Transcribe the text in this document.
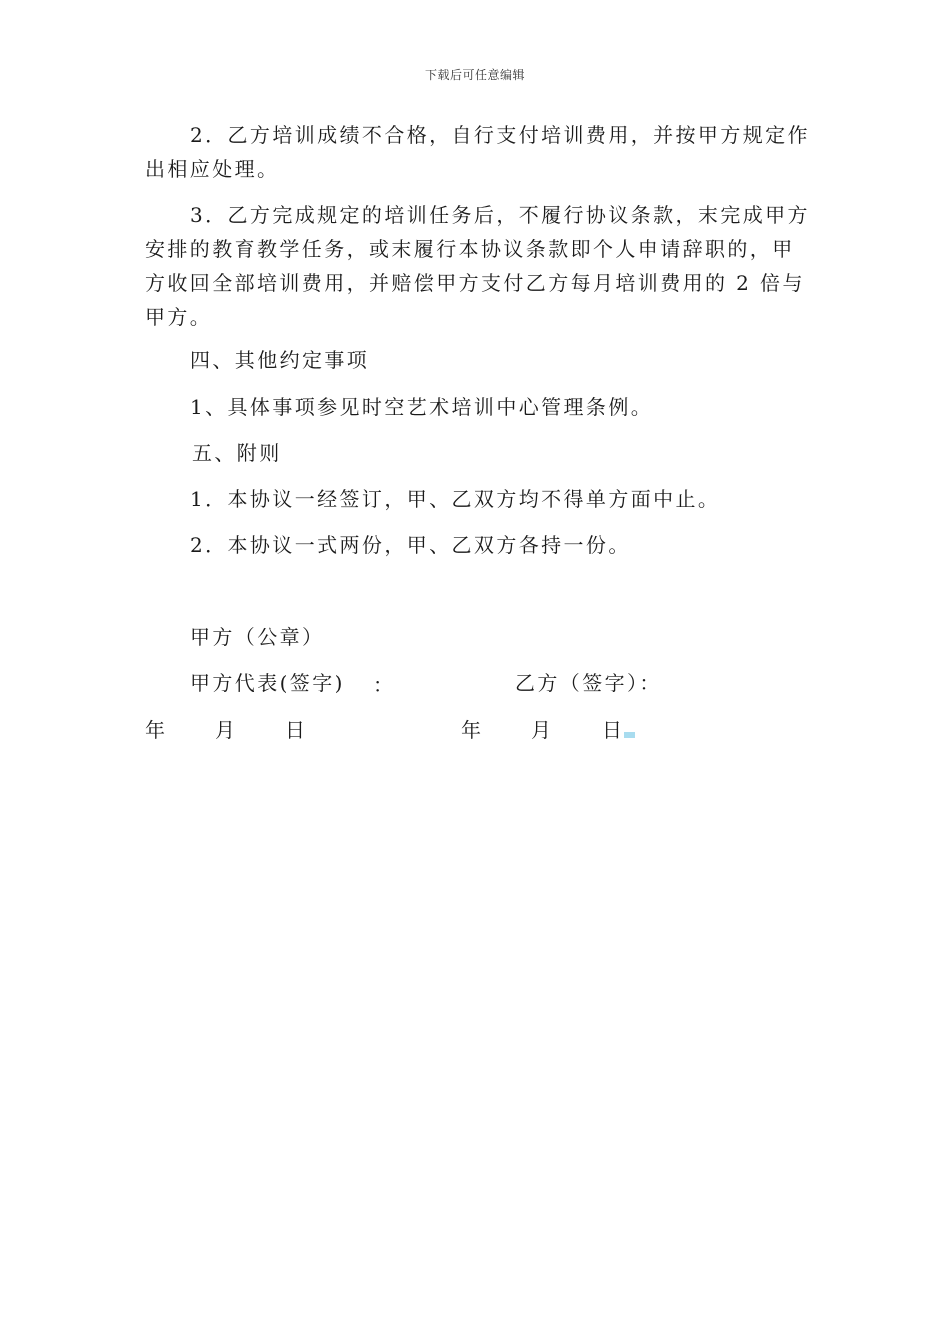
下载后可任意编辑
2．乙方培训成绩不合格，自行支付培训费用，并按甲方规定作出相应处理。
3．乙方完成规定的培训任务后，不履行协议条款，末完成甲方安排的教育教学任务，或末履行本协议条款即个人申请辞职的，甲方收回全部培训费用，并赔偿甲方支付乙方每月培训费用的 2 倍与甲方。
四、其他约定事项
1、具体事项参见时空艺术培训中心管理条例。
五、附则
1．本协议一经签订，甲、乙双方均不得单方面中止。
2．本协议一式两份，甲、乙双方各持一份。
甲方（公章）
甲方代表(签字) ：	乙方（签字）：
年	月	日	年	月	日
